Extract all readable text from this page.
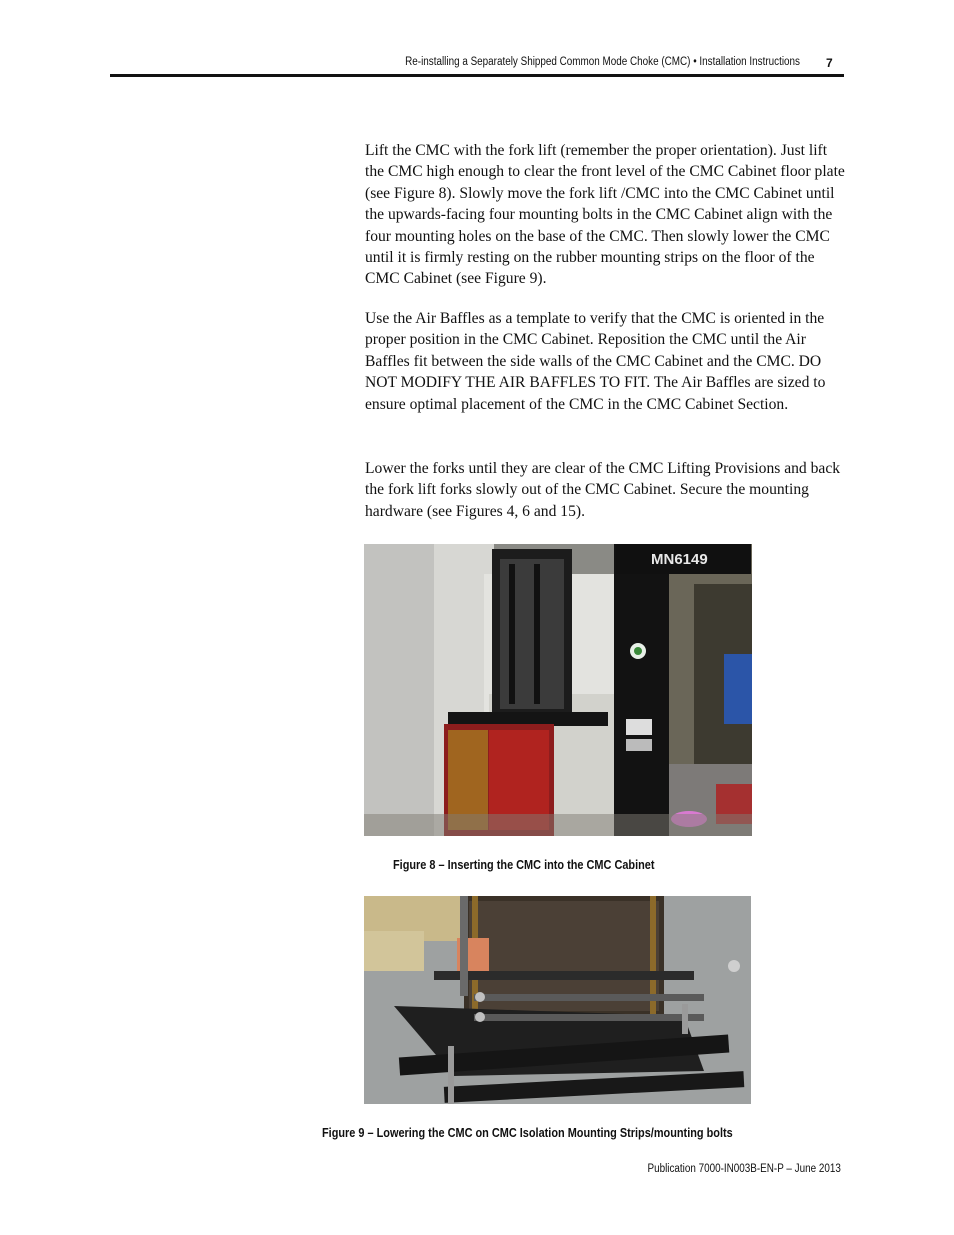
Re-installing a Separately Shipped Common Mode Choke (CMC) • Installation Instructions 7

Lift the CMC with the fork lift (remember the proper orientation). Just lift the CMC high enough to clear the front level of the CMC Cabinet floor plate (see Figure 8). Slowly move the fork lift /CMC into the CMC Cabinet until the upwards-facing four mounting bolts in the CMC Cabinet align with the four mounting holes on the base of the CMC. Then slowly lower the CMC until it is firmly resting on the rubber mounting strips on the floor of the CMC Cabinet (see Figure 9).

Use the Air Baffles as a template to verify that the CMC is oriented in the proper position in the CMC Cabinet. Reposition the CMC until the Air Baffles fit between the side walls of the CMC Cabinet and the CMC. DO NOT MODIFY THE AIR BAFFLES TO FIT. The Air Baffles are sized to ensure optimal placement of the CMC in the CMC Cabinet Section.

Lower the forks until they are clear of the CMC Lifting Provisions and back the fork lift forks slowly out of the CMC Cabinet. Secure the mounting hardware (see Figures 4, 6 and 15).

MN6149
Figure 8 – Inserting the CMC into the CMC Cabinet
Figure 9 – Lowering the CMC on CMC Isolation Mounting Strips/mounting bolts
Publication 7000-IN003B-EN-P – June 2013
